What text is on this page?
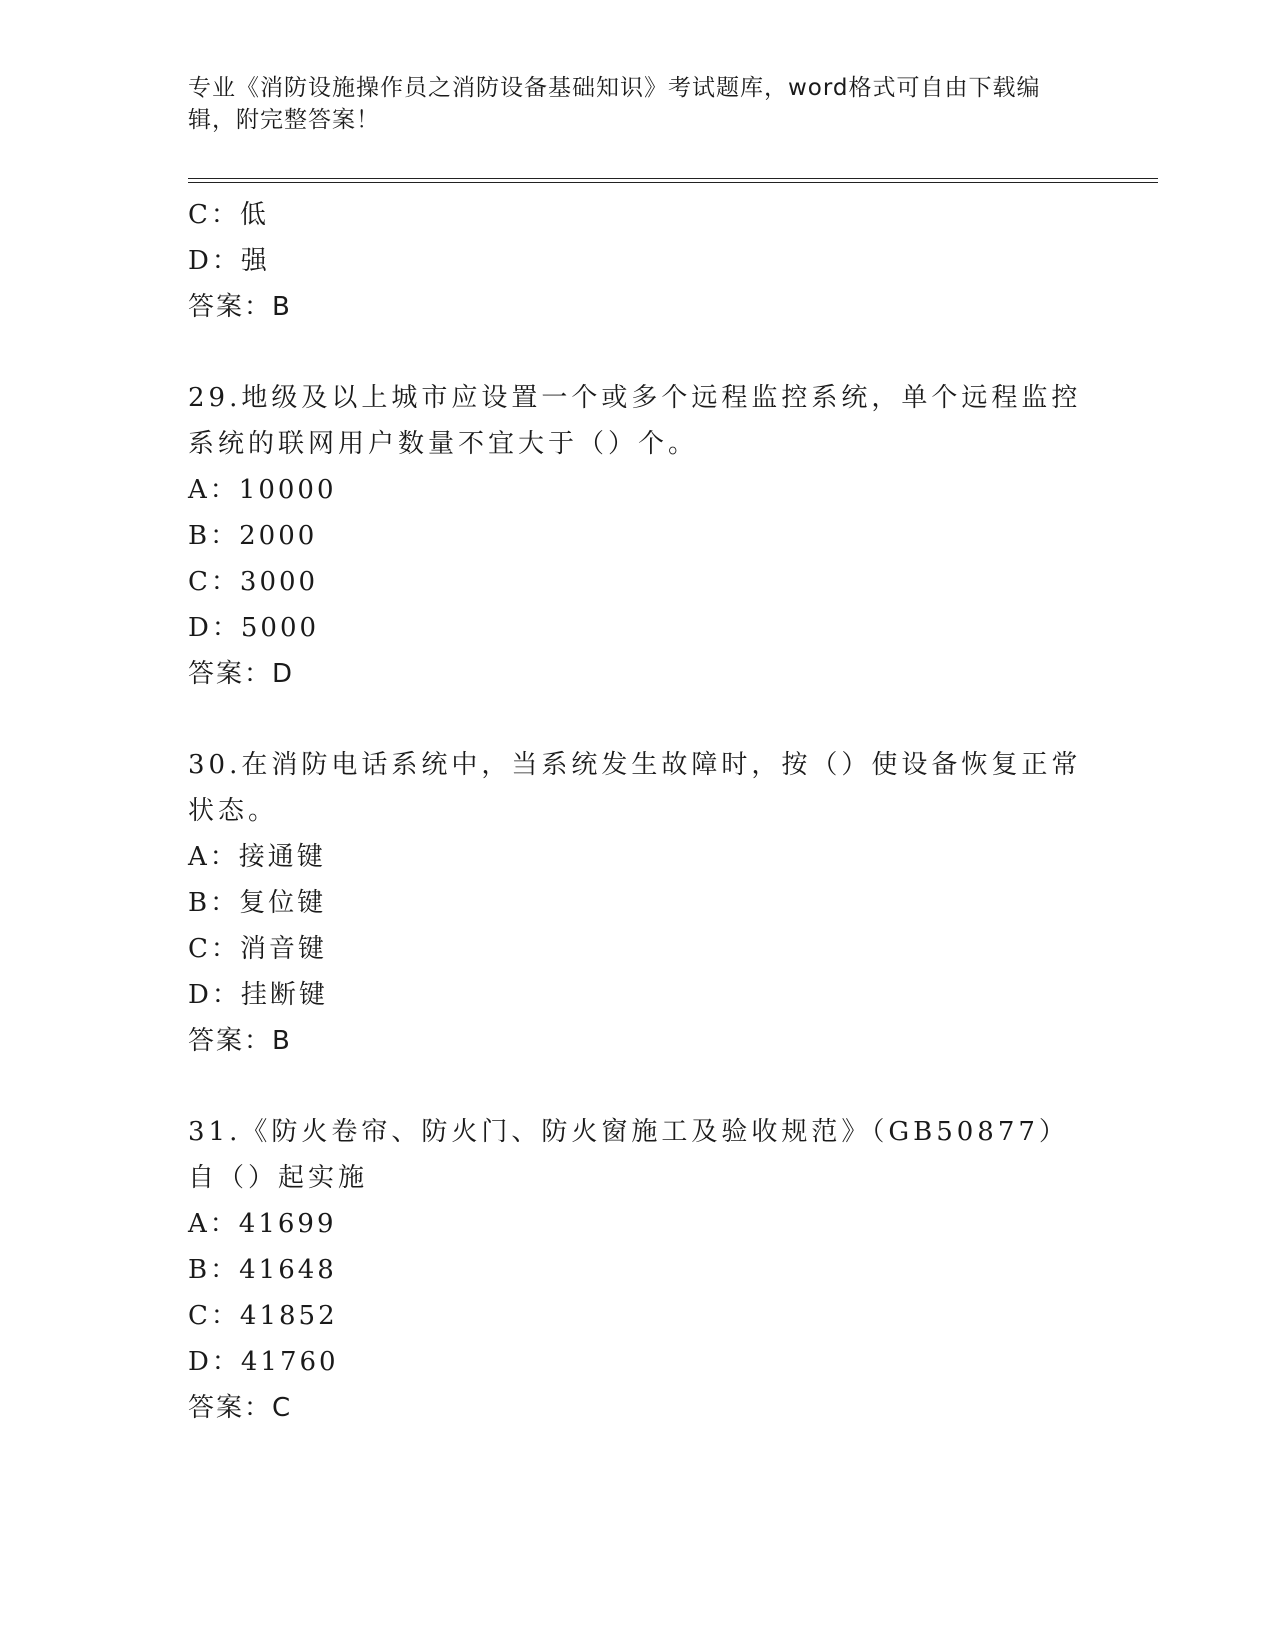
专业《消防设施操作员之消防设备基础知识》考试题库，word格式可自由下载编辑，附完整答案！
C：低
D：强
答案：B
29.地级及以上城市应设置一个或多个远程监控系统，单个远程监控系统的联网用户数量不宜大于（）个。
A：10000
B：2000
C：3000
D：5000
答案：D
30.在消防电话系统中，当系统发生故障时，按（）使设备恢复正常状态。
A：接通键
B：复位键
C：消音键
D：挂断键
答案：B
31.《防火卷帘、防火门、防火窗施工及验收规范》（GB50877）自（）起实施
A：41699
B：41648
C：41852
D：41760
答案：C
